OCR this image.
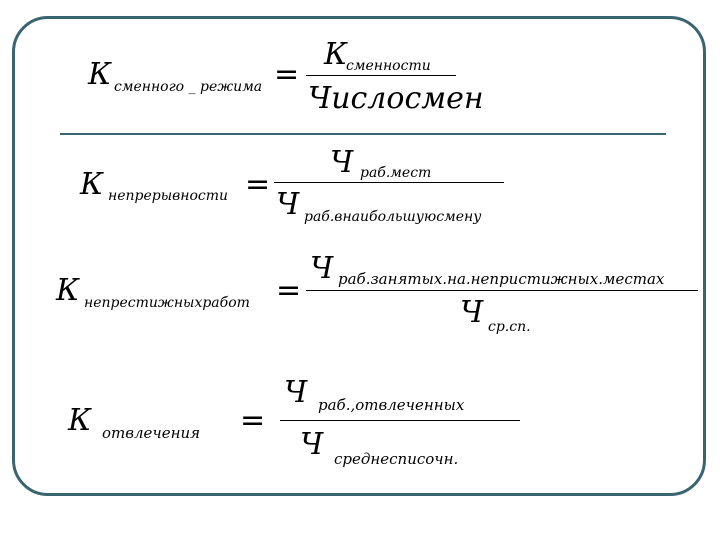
К сменного _ режима =
К
сменности
Числосмен
К непрерывности =
Ч раб.мест
Ч раб.внаибольшуюсмену
К непрестижныхработ =
Ч раб.занятых.на.непристижных.местах
Ч ср.сп.
К отвлечения =
Ч раб.,отвлеченных
Ч среднесписочн.
